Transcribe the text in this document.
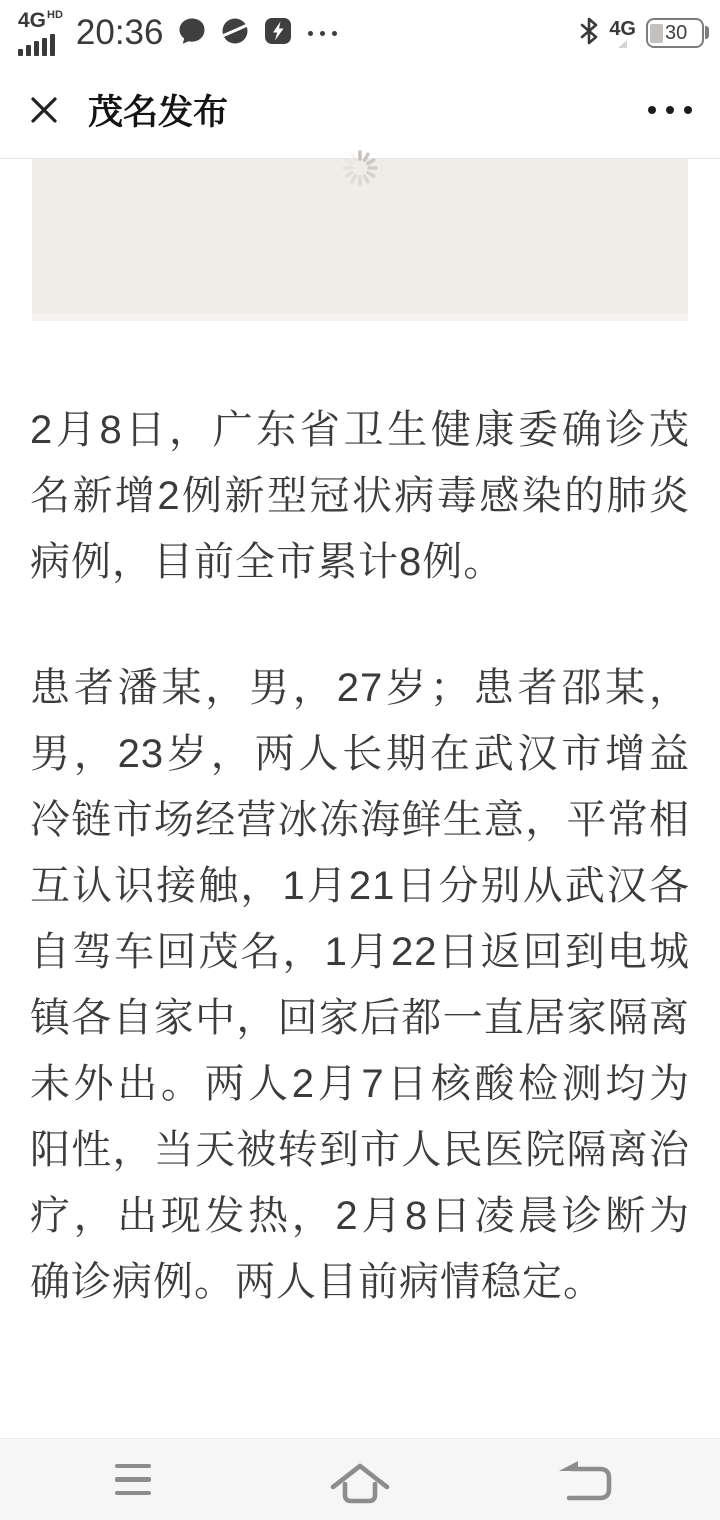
4G HD 20:36	4G 30
茂名发布

2月8日，广东省卫生健康委确诊茂名新增2例新型冠状病毒感染的肺炎病例，目前全市累计8例。

患者潘某，男，27岁；患者邵某，男，23岁，两人长期在武汉市增益冷链市场经营冰冻海鲜生意，平常相互认识接触，1月21日分别从武汉各自驾车回茂名，1月22日返回到电城镇各自家中，回家后都一直居家隔离未外出。两人2月7日核酸检测均为阳性，当天被转到市人民医院隔离治疗，出现发热，2月8日凌晨诊断为确诊病例。两人目前病情稳定。
